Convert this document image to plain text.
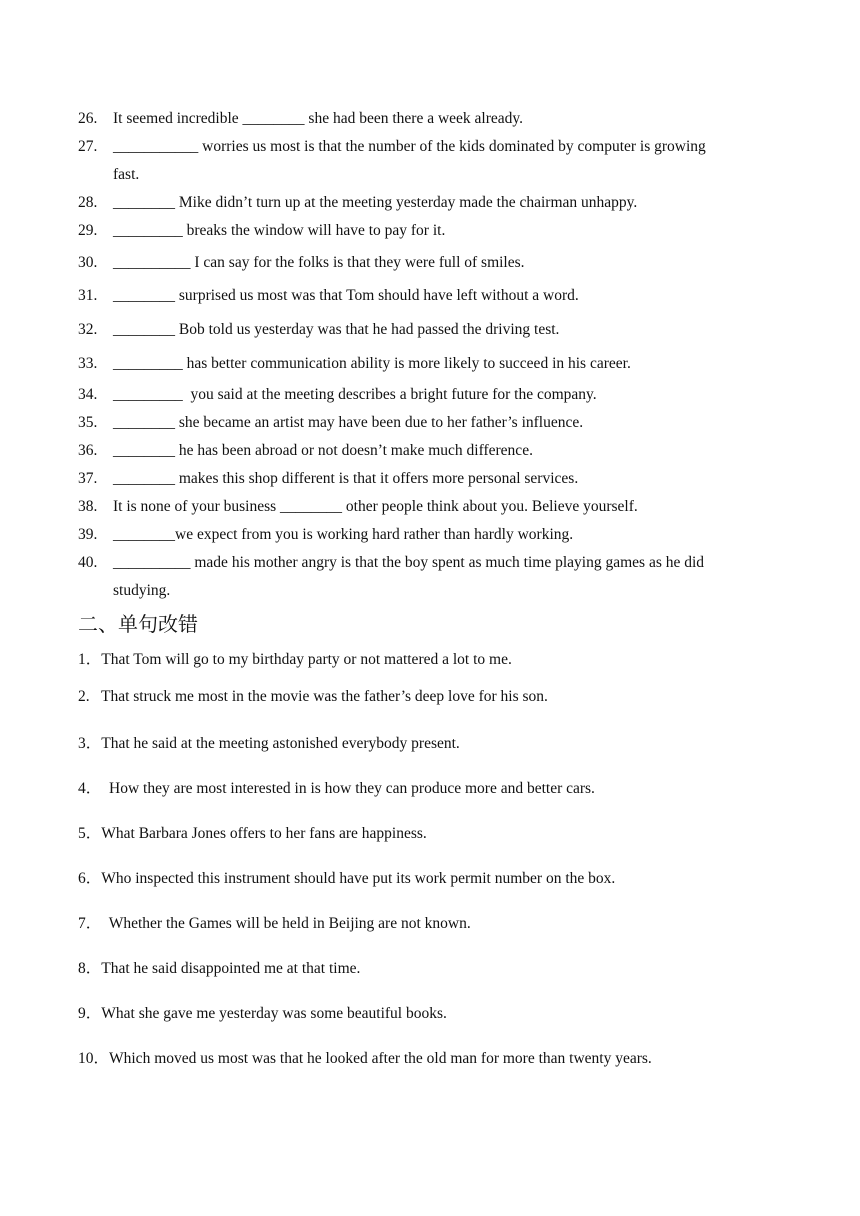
26. It seemed incredible ________ she had been there a week already.
27. ___________ worries us most is that the number of the kids dominated by computer is growing
fast.
28. ________ Mike didn’t turn up at the meeting yesterday made the chairman unhappy.
29. _________ breaks the window will have to pay for it.
30. __________ I can say for the folks is that they were full of smiles.
31. ________ surprised us most was that Tom should have left without a word.
32. ________ Bob told us yesterday was that he had passed the driving test.
33. _________ has better communication ability is more likely to succeed in his career.
34. _________  you said at the meeting describes a bright future for the company.
35. ________ she became an artist may have been due to her father’s influence.
36. ________ he has been abroad or not doesn’t make much difference.
37. ________ makes this shop different is that it offers more personal services.
38. It is none of your business ________ other people think about you. Believe yourself.
39. ________we expect from you is working hard rather than hardly working.
40. __________ made his mother angry is that the boy spent as much time playing games as he did
studying.
二、单句改错
1．That Tom will go to my birthday party or not mattered a lot to me.
2.   That struck me most in the movie was the father’s deep love for his son.
3．That he said at the meeting astonished everybody present.
4．  How they are most interested in is how they can produce more and better cars.
5．What Barbara Jones offers to her fans are happiness.
6．Who inspected this instrument should have put its work permit number on the box.
7．  Whether the Games will be held in Beijing are not known.
8．That he said disappointed me at that time.
9．What she gave me yesterday was some beautiful books.
10．Which moved us most was that he looked after the old man for more than twenty years.
